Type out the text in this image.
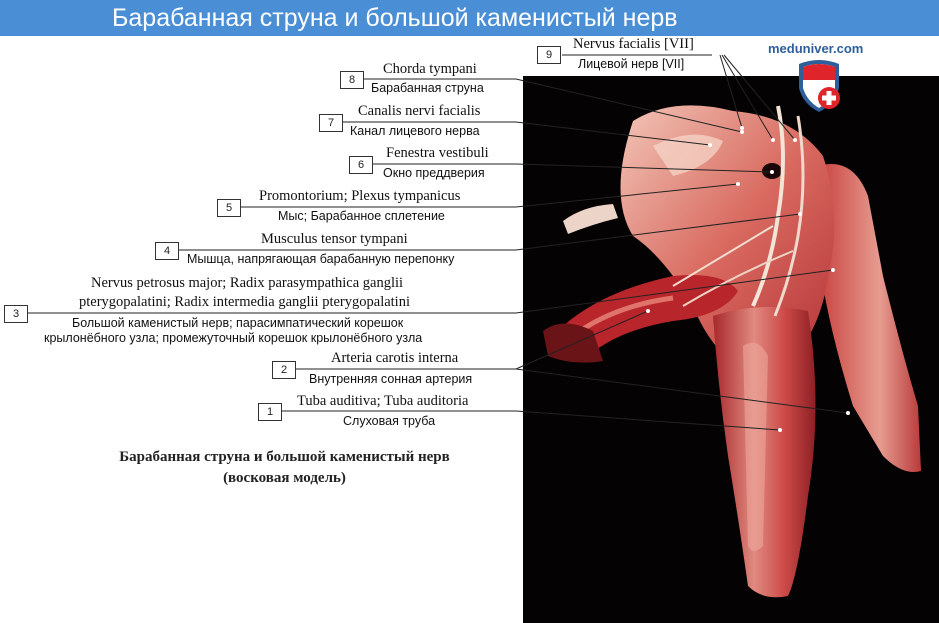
Барабанная струна и большой каменистый нерв
meduniver.com
9
Nervus facialis [VII]
Лицевой нерв [VII]
8
Chorda tympani
Барабанная струна
7
Canalis nervi facialis
Канал лицевого нерва
6
Fenestra vestibuli
Окно преддверия
5
Promontorium; Plexus tympanicus
Мыс; Барабанное сплетение
4
Musculus tensor tympani
Мышца, напрягающая барабанную перепонку
3
Nervus petrosus major; Radix parasympathica ganglii
pterygopalatini; Radix intermedia ganglii pterygopalatini
Большой каменистый нерв; парасимпатический корешок
крылонёбного узла; промежуточный корешок крылонёбного узла
2
Arteria carotis interna
Внутренняя сонная артерия
1
Tuba auditiva; Tuba auditoria
Слуховая труба
Барабанная струна и большой каменистый нерв
(восковая модель)
